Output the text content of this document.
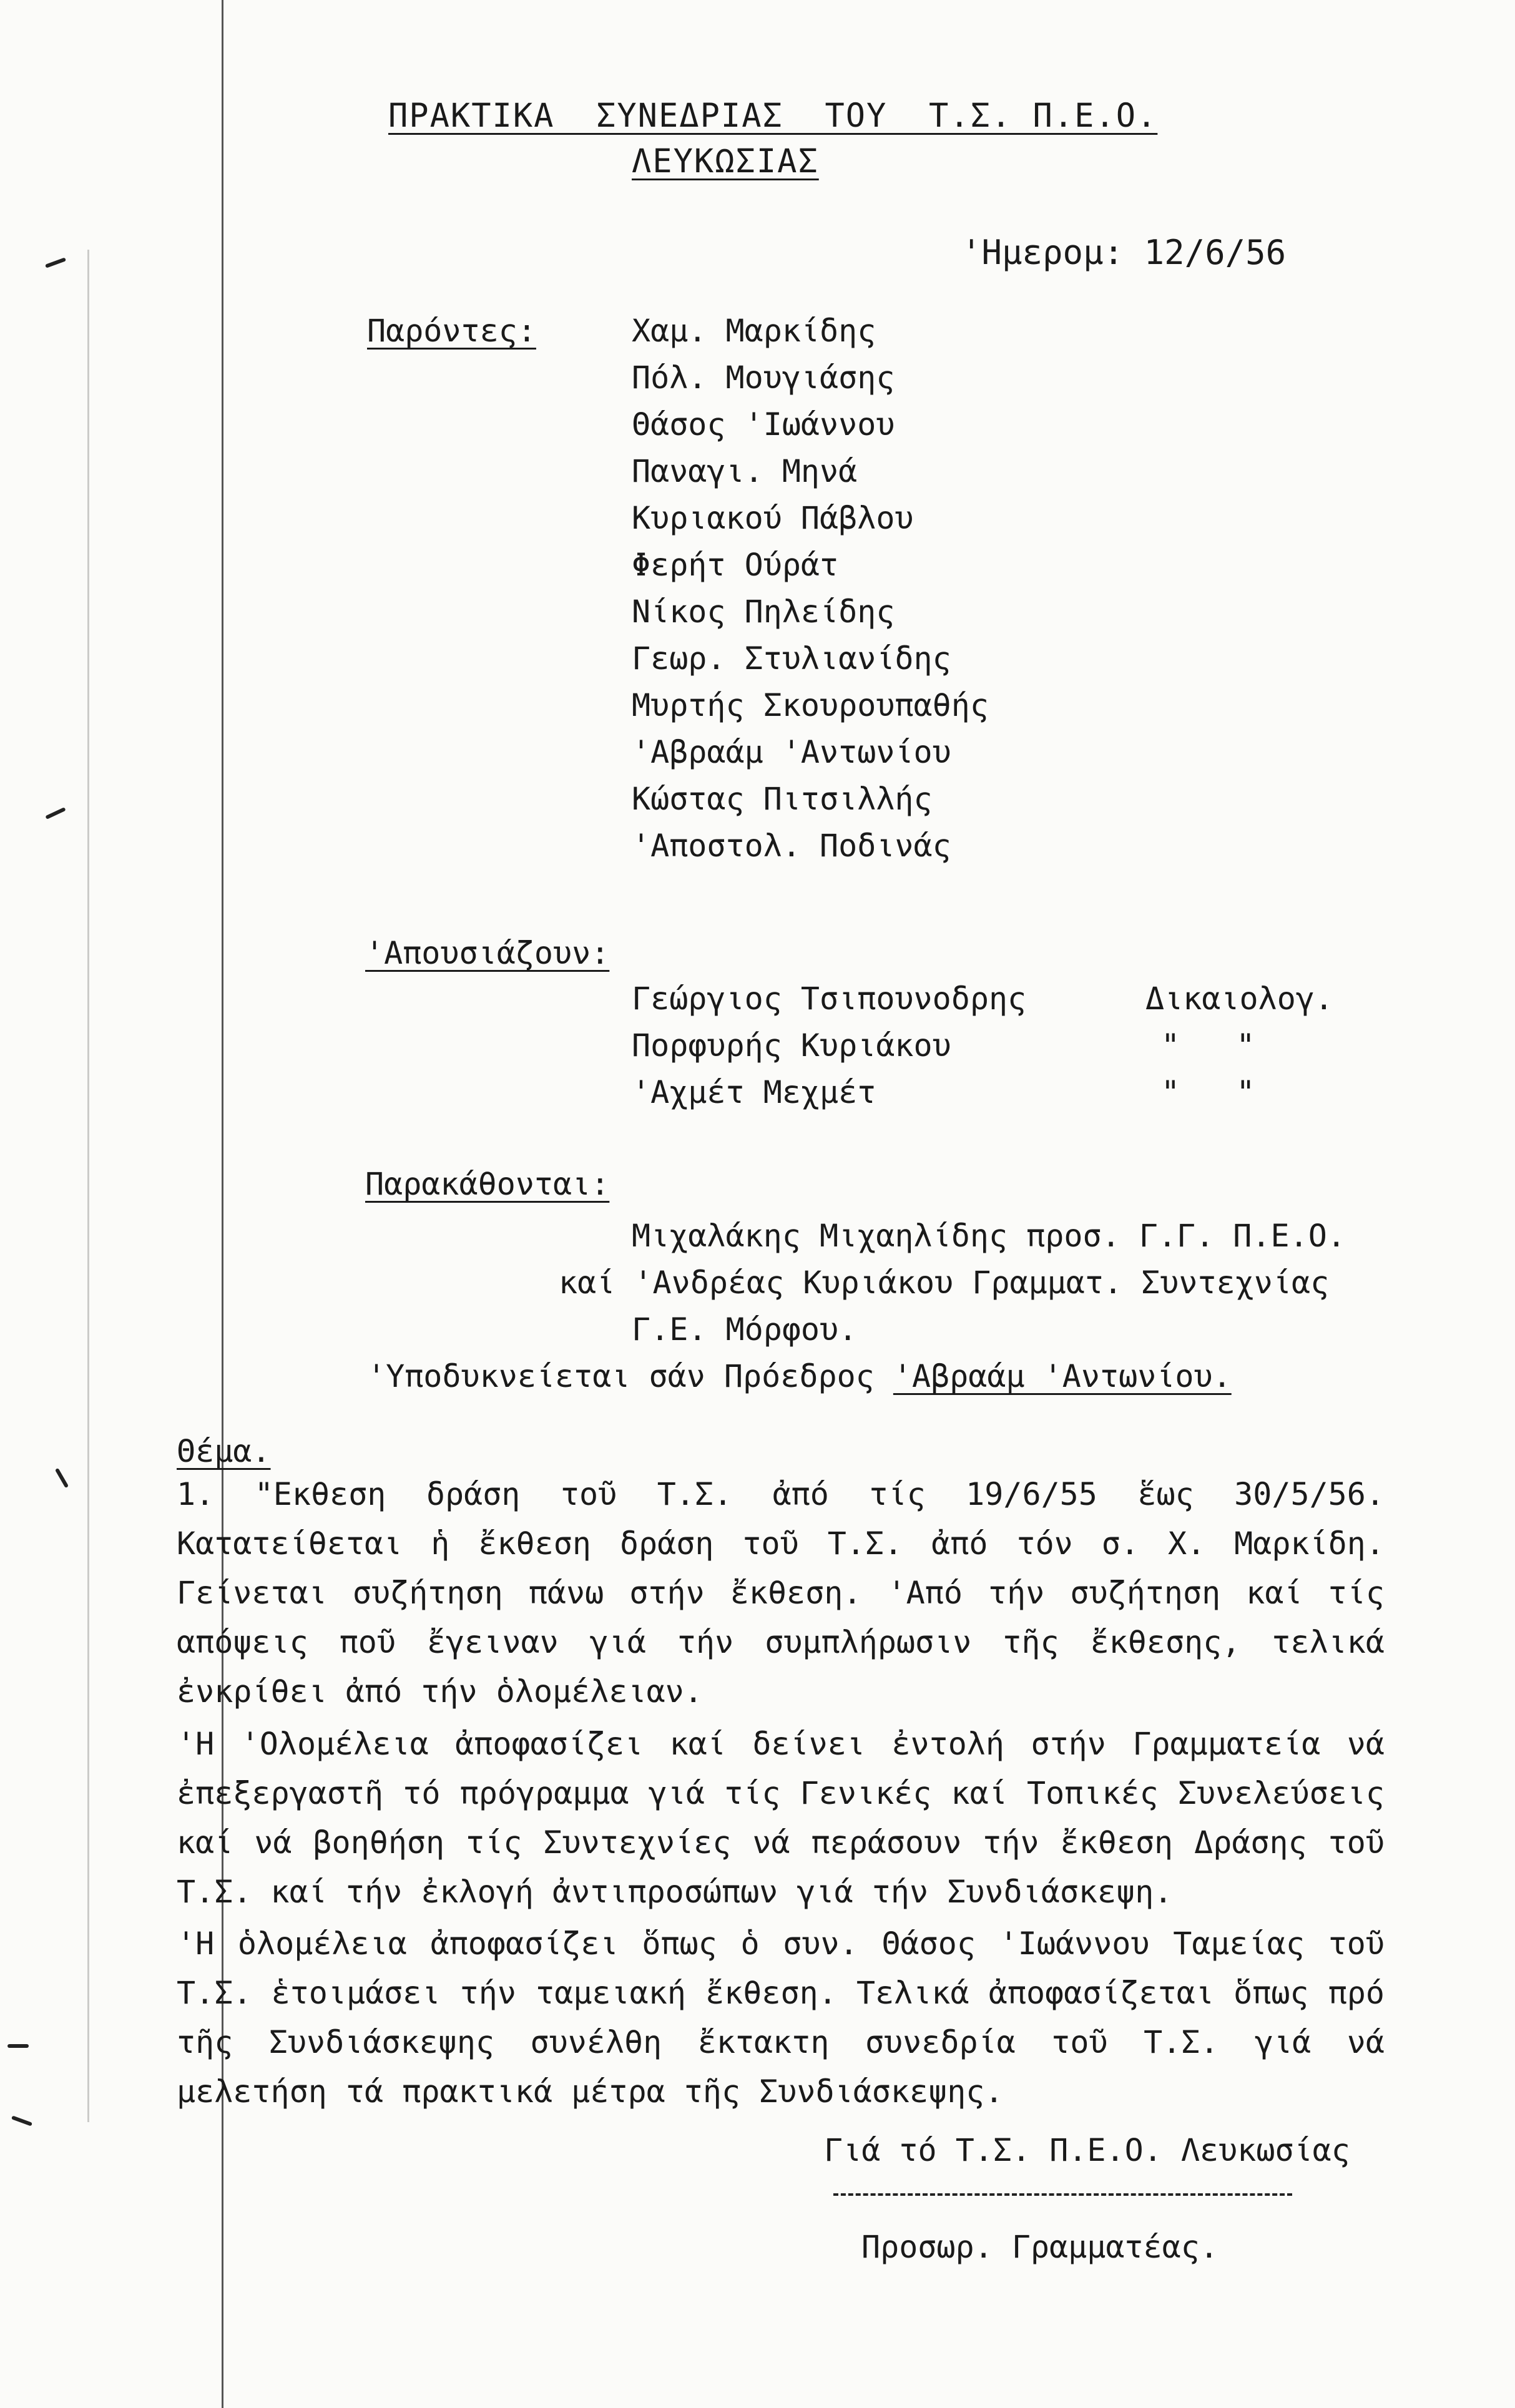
ΠΡΑΚΤΙΚΑ  ΣΥΝΕΔΡΙΑΣ  ΤΟΥ  Τ.Σ. Π.Ε.Ο.
ΛΕΥΚΩΣΙΑΣ
'Ημερομ: 12/6/56
Παρόντες:	Χαμ. Μαρκίδης
Πόλ. Μουγιάσης
Θάσος 'Ιωάννου
Παναγι. Μηνά
Κυριακού Πάβλου
Φερήτ Ούράτ
Νίκος Πηλείδης
Γεωρ. Στυλιανίδης
Μυρτής Σκουρουπαθής
'Αβραάμ 'Αντωνίου
Κώστας Πιτσιλλής
'Αποστολ. Ποδινάς
'Απουσιάζουν:
Γεώργιος Τσιπουνοδρης	Δικαιολογ.
Πορφυρής Κυριάκου	"   "
'Αχμέτ Μεχμέτ	"   "
Παρακάθονται:
Μιχαλάκης Μιχαηλίδης προσ. Γ.Γ. Π.Ε.Ο.
καί 'Ανδρέας Κυριάκου Γραμματ. Συντεχνίας
Γ.Ε. Μόρφου.
'Υποδυκνείεται σάν Πρόεδρος 'Αβραάμ 'Αντωνίου.
Θέμα.
1. "Εκθεση δράση τοῦ Τ.Σ. ἀπό τίς 19/6/55 ἕως 30/5/56. Κατατείθεται ἡ ἔκθεση δράση τοῦ Τ.Σ. ἀπό τόν σ. Χ. Μαρκίδη. Γείνεται συζήτηση πάνω στήν ἔκθεση. 'Από τήν συζήτηση καί τίς απόψεις ποῦ ἔγειναν γιά τήν συμπλήρωσιν τῆς ἔκθεσης, τελικά ἐνκρίθει ἀπό τήν ὁλομέλειαν.
'Η 'Ολομέλεια ἀποφασίζει καί δείνει ἐντολή στήν Γραμματεία νά ἐπεξεργαστῆ τό πρόγραμμα γιά τίς Γενικές καί Τοπικές Συνελεύσεις καί νά βοηθήση τίς Συντεχνίες νά περάσουν τήν ἔκθεση Δράσης τοῦ Τ.Σ. καί τήν ἐκλογή ἀντιπροσώπων γιά τήν Συνδιάσκεψη.
'Η ὁλομέλεια ἀποφασίζει ὅπως ὁ συν. Θάσος 'Ιωάννου Ταμείας τοῦ Τ.Σ. ἑτοιμάσει τήν ταμειακή ἔκθεση. Τελικά ἀποφασίζεται ὅπως πρό τῆς Συνδιάσκεψης συνέλθη ἔκτακτη συνεδρία τοῦ Τ.Σ. γιά νά μελετήση τά πρακτικά μέτρα τῆς Συνδιάσκεψης.
Γιά τό Τ.Σ. Π.Ε.Ο. Λευκωσίας
Προσωρ. Γραμματέας.
